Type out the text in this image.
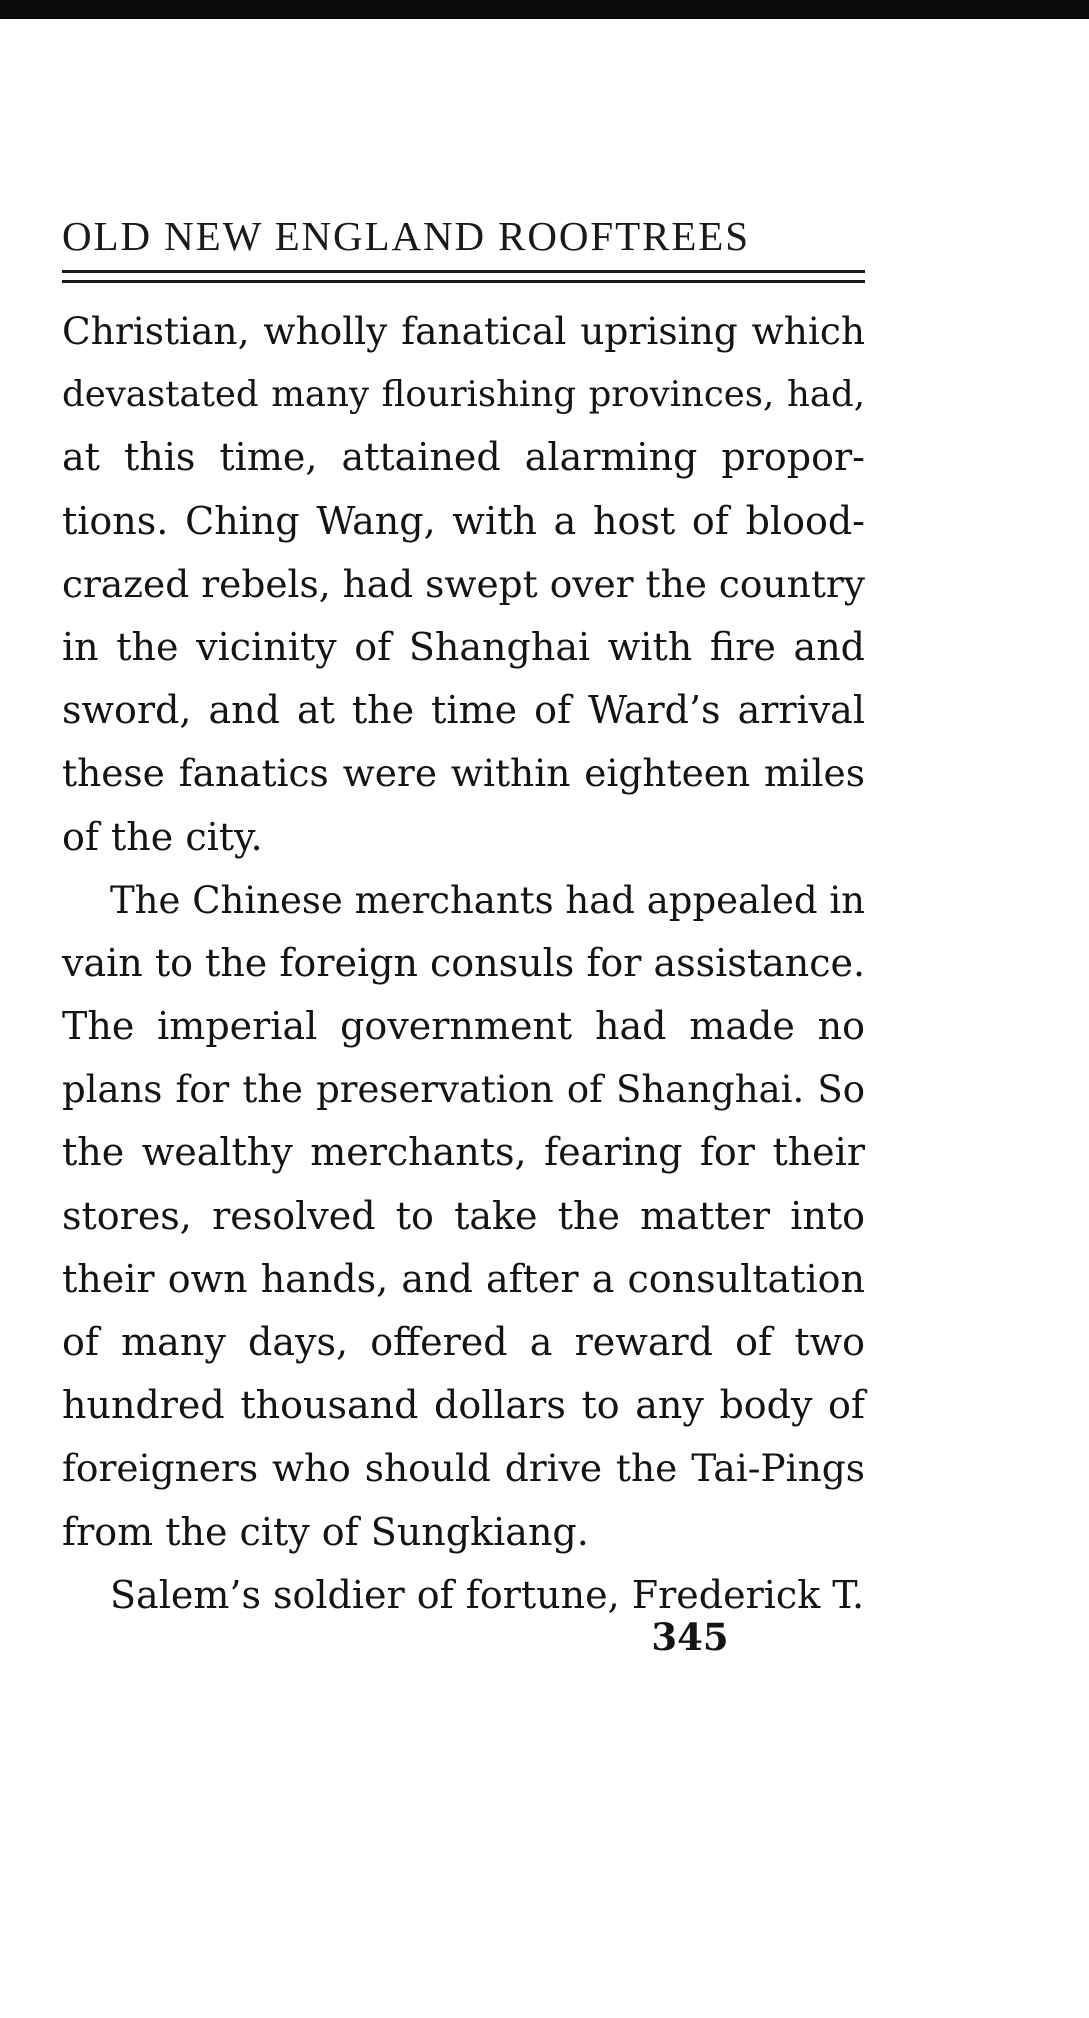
OLD NEW ENGLAND ROOFTREES
Christian, wholly fanatical uprising which
devastated many flourishing provinces, had,
at this time, attained alarming propor-
tions. Ching Wang, with a host of blood-
crazed rebels, had swept over the country
in the vicinity of Shanghai with fire and
sword, and at the time of Ward’s arrival
these fanatics were within eighteen miles
of the city.
The Chinese merchants had appealed in
vain to the foreign consuls for assistance.
The imperial government had made no
plans for the preservation of Shanghai. So
the wealthy merchants, fearing for their
stores, resolved to take the matter into
their own hands, and after a consultation
of many days, offered a reward of two
hundred thousand dollars to any body of
foreigners who should drive the Tai-Pings
from the city of Sungkiang.
Salem’s soldier of fortune, Frederick T.
345
